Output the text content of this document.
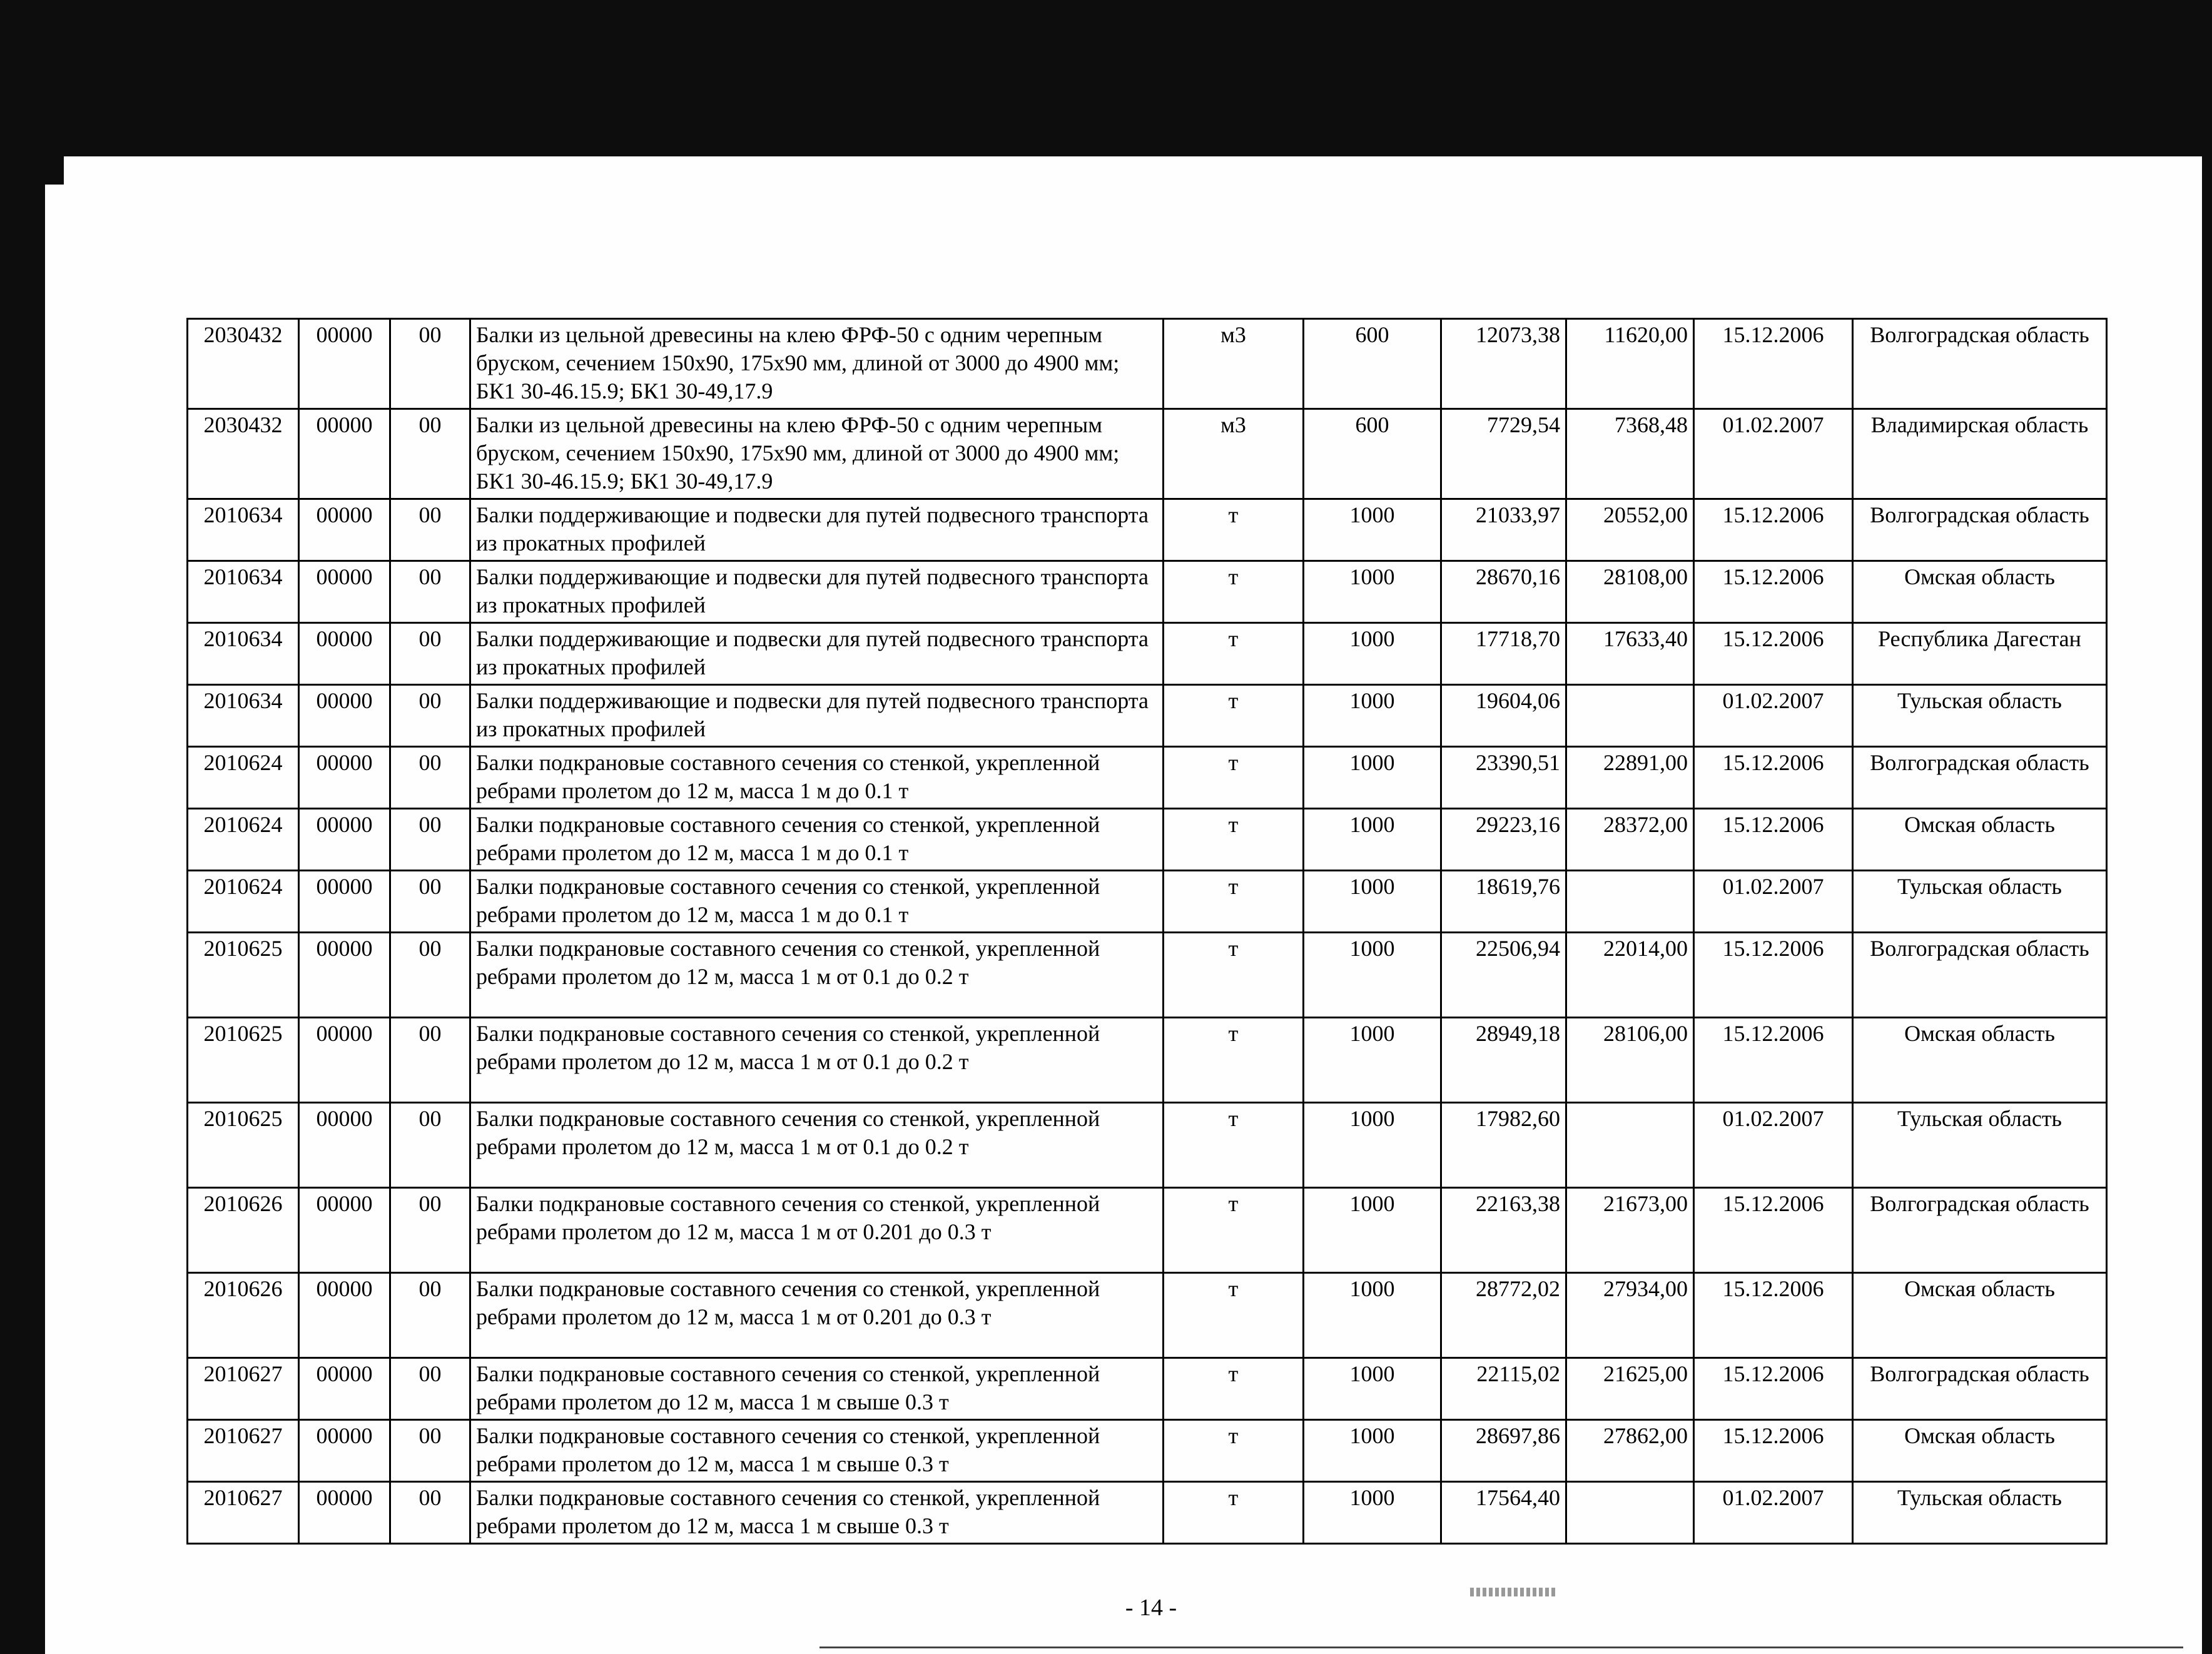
2030432	00000	00	Балки из цельной древесины на клею ФРФ-50 с одним черепным бруском, сечением 150х90, 175х90 мм, длиной от 3000 до 4900 мм; БК1 30-46.15.9; БК1 30-49,17.9	м3	600	12073,38	11620,00	15.12.2006	Волгоградская область
2030432	00000	00	Балки из цельной древесины на клею ФРФ-50 с одним черепным бруском, сечением 150х90, 175х90 мм, длиной от 3000 до 4900 мм; БК1 30-46.15.9; БК1 30-49,17.9	м3	600	7729,54	7368,48	01.02.2007	Владимирская область
2010634	00000	00	Балки поддерживающие и подвески для путей подвесного транспорта из прокатных профилей	т	1000	21033,97	20552,00	15.12.2006	Волгоградская область
2010634	00000	00	Балки поддерживающие и подвески для путей подвесного транспорта из прокатных профилей	т	1000	28670,16	28108,00	15.12.2006	Омская область
2010634	00000	00	Балки поддерживающие и подвески для путей подвесного транспорта из прокатных профилей	т	1000	17718,70	17633,40	15.12.2006	Республика Дагестан
2010634	00000	00	Балки поддерживающие и подвески для путей подвесного транспорта из прокатных профилей	т	1000	19604,06		01.02.2007	Тульская область
2010624	00000	00	Балки подкрановые составного сечения со стенкой, укрепленной ребрами пролетом до 12 м, масса 1 м до 0.1 т	т	1000	23390,51	22891,00	15.12.2006	Волгоградская область
2010624	00000	00	Балки подкрановые составного сечения со стенкой, укрепленной ребрами пролетом до 12 м, масса 1 м до 0.1 т	т	1000	29223,16	28372,00	15.12.2006	Омская область
2010624	00000	00	Балки подкрановые составного сечения со стенкой, укрепленной ребрами пролетом до 12 м, масса 1 м до 0.1 т	т	1000	18619,76		01.02.2007	Тульская область
2010625	00000	00	Балки подкрановые составного сечения со стенкой, укрепленной ребрами пролетом до 12 м, масса 1 м от 0.1 до 0.2 т	т	1000	22506,94	22014,00	15.12.2006	Волгоградская область
2010625	00000	00	Балки подкрановые составного сечения со стенкой, укрепленной ребрами пролетом до 12 м, масса 1 м от 0.1 до 0.2 т	т	1000	28949,18	28106,00	15.12.2006	Омская область
2010625	00000	00	Балки подкрановые составного сечения со стенкой, укрепленной ребрами пролетом до 12 м, масса 1 м от 0.1 до 0.2 т	т	1000	17982,60		01.02.2007	Тульская область
2010626	00000	00	Балки подкрановые составного сечения со стенкой, укрепленной ребрами пролетом до 12 м, масса 1 м от 0.201 до 0.3 т	т	1000	22163,38	21673,00	15.12.2006	Волгоградская область
2010626	00000	00	Балки подкрановые составного сечения со стенкой, укрепленной ребрами пролетом до 12 м, масса 1 м от 0.201 до 0.3 т	т	1000	28772,02	27934,00	15.12.2006	Омская область
2010627	00000	00	Балки подкрановые составного сечения со стенкой, укрепленной ребрами пролетом до 12 м, масса 1 м свыше 0.3 т	т	1000	22115,02	21625,00	15.12.2006	Волгоградская область
2010627	00000	00	Балки подкрановые составного сечения со стенкой, укрепленной ребрами пролетом до 12 м, масса 1 м свыше 0.3 т	т	1000	28697,86	27862,00	15.12.2006	Омская область
2010627	00000	00	Балки подкрановые составного сечения со стенкой, укрепленной ребрами пролетом до 12 м, масса 1 м свыше 0.3 т	т	1000	17564,40		01.02.2007	Тульская область
- 14 -
